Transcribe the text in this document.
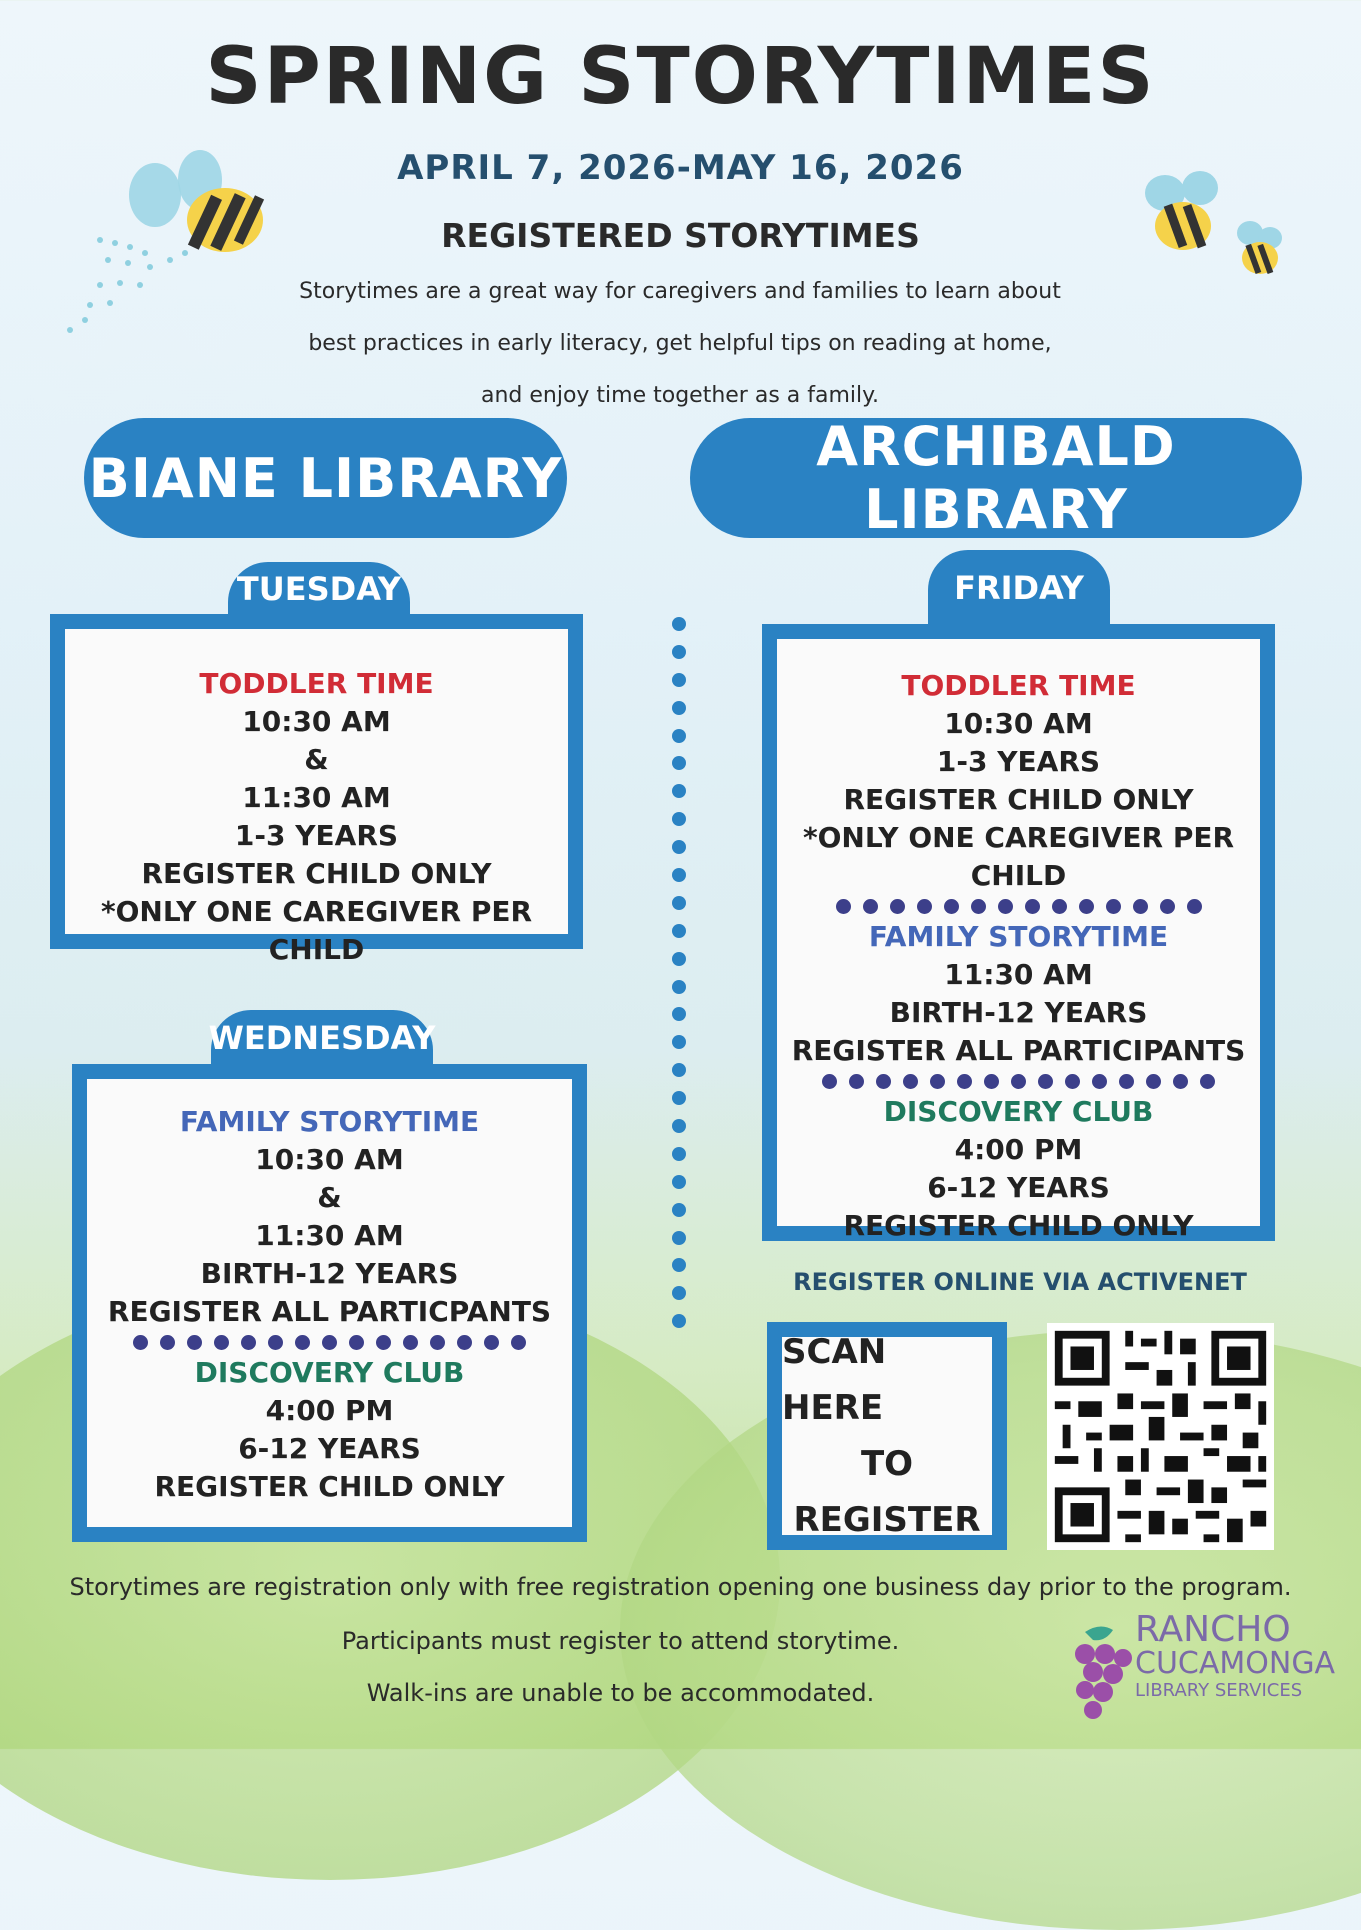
SPRING STORYTIMES
APRIL 7, 2026-MAY 16, 2026
REGISTERED STORYTIMES
Storytimes are a great way for caregivers and families to learn about
best practices in early literacy, get helpful tips on reading at home,
and enjoy time together as a family.
BIANE LIBRARY	ARCHIBALD LIBRARY
TUESDAY
TODDLER TIME
10:30 AM
&
11:30 AM
1-3 YEARS
REGISTER CHILD ONLY
*ONLY ONE CAREGIVER PER CHILD
WEDNESDAY
FAMILY STORYTIME
10:30 AM
&
11:30 AM
BIRTH-12 YEARS
REGISTER ALL PARTICPANTS
DISCOVERY CLUB
4:00 PM
6-12 YEARS
REGISTER CHILD ONLY
FRIDAY
TODDLER TIME
10:30 AM
1-3 YEARS
REGISTER CHILD ONLY
*ONLY ONE CAREGIVER PER CHILD
FAMILY STORYTIME
11:30 AM
BIRTH-12 YEARS
REGISTER ALL PARTICIPANTS
DISCOVERY CLUB
4:00 PM
6-12 YEARS
REGISTER CHILD ONLY
REGISTER ONLINE VIA ACTIVENET
SCAN HERE
TO
REGISTER
Storytimes are registration only with free registration opening one business day prior to the program.
Participants must register to attend storytime.
Walk-ins are unable to be accommodated.
RANCHO
CUCAMONGA
LIBRARY SERVICES
